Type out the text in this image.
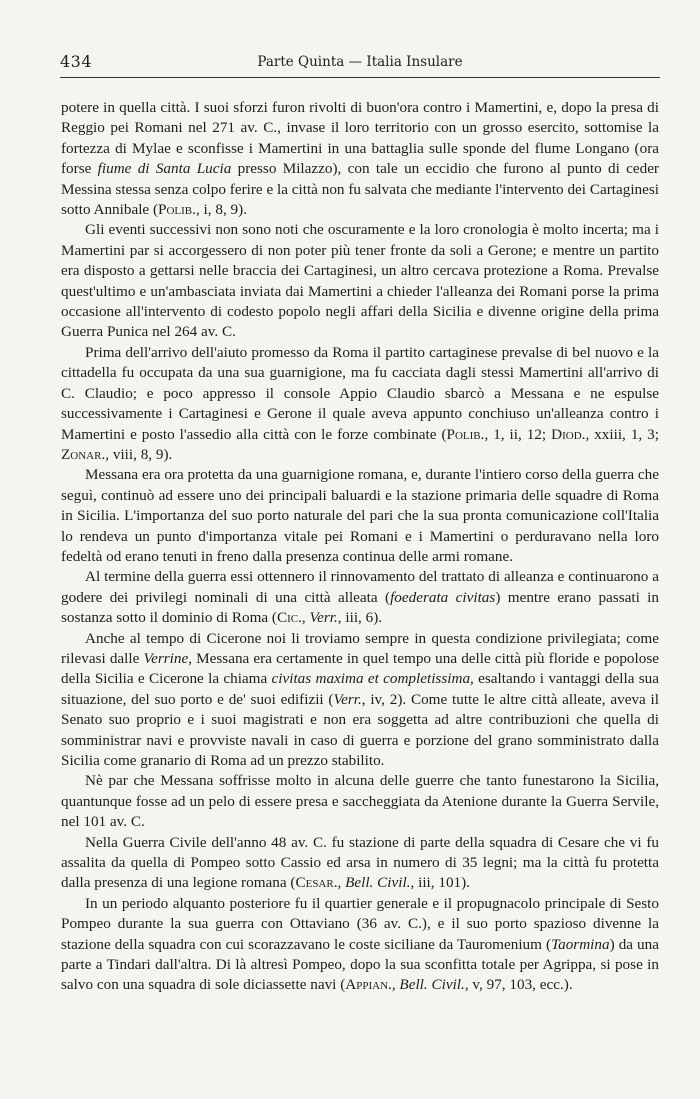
434	Parte Quinta — Italia Insulare

potere in quella città. I suoi sforzi furon rivolti di buon'ora contro i Mamertini, e, dopo la presa di Reggio pei Romani nel 271 av. C., invase il loro territorio con un grosso esercito, sottomise la fortezza di Mylae e sconfisse i Mamertini in una battaglia sulle sponde del flume Longano (ora forse fiume di Santa Lucia presso Milazzo), con tale un eccidio che furono al punto di ceder Messina stessa senza colpo ferire e la città non fu salvata che mediante l'intervento dei Cartaginesi sotto Annibale (Polib., i, 8, 9).

Gli eventi successivi non sono noti che oscuramente e la loro cronologia è molto incerta; ma i Mamertini par si accorgessero di non poter più tener fronte da soli a Gerone; e mentre un partito era disposto a gettarsi nelle braccia dei Cartaginesi, un altro cercava protezione a Roma. Prevalse quest'ultimo e un'ambasciata inviata dai Mamertini a chieder l'alleanza dei Romani porse la prima occasione all'intervento di codesto popolo negli affari della Sicilia e divenne origine della prima Guerra Punica nel 264 av. C.

Prima dell'arrivo dell'aiuto promesso da Roma il partito cartaginese prevalse di bel nuovo e la cittadella fu occupata da una sua guarnigione, ma fu cacciata dagli stessi Mamertini all'arrivo di C. Claudio; e poco appresso il console Appio Claudio sbarcò a Messana e ne espulse successivamente i Cartaginesi e Gerone il quale aveva appunto conchiuso un'alleanza contro i Mamertini e posto l'assedio alla città con le forze combinate (Polib., 1, ii, 12; Diod., xxiii, 1, 3; Zonar., viii, 8, 9).

Messana era ora protetta da una guarnigione romana, e, durante l'intiero corso della guerra che seguì, continuò ad essere uno dei principali baluardi e la stazione primaria delle squadre di Roma in Sicilia. L'importanza del suo porto naturale del pari che la sua pronta comunicazione coll'Italia lo rendeva un punto d'importanza vitale pei Romani e i Mamertini o perduravano nella loro fedeltà od erano tenuti in freno dalla presenza continua delle armi romane.

Al termine della guerra essi ottennero il rinnovamento del trattato di alleanza e continuarono a godere dei privilegi nominali di una città alleata (foederata civitas) mentre erano passati in sostanza sotto il dominio di Roma (Cic., Verr., iii, 6).

Anche al tempo di Cicerone noi li troviamo sempre in questa condizione privilegiata; come rilevasi dalle Verrine, Messana era certamente in quel tempo una delle città più floride e popolose della Sicilia e Cicerone la chiama civitas maxima et completissima, esaltando i vantaggi della sua situazione, del suo porto e de' suoi edifizii (Verr., iv, 2). Come tutte le altre città alleate, aveva il Senato suo proprio e i suoi magistrati e non era soggetta ad altre contribuzioni che quella di somministrar navi e provviste navali in caso di guerra e porzione del grano somministrato dalla Sicilia come granario di Roma ad un prezzo stabilito.

Nè par che Messana soffrisse molto in alcuna delle guerre che tanto funestarono la Sicilia, quantunque fosse ad un pelo di essere presa e saccheggiata da Atenione durante la Guerra Servile, nel 101 av. C.

Nella Guerra Civile dell'anno 48 av. C. fu stazione di parte della squadra di Cesare che vi fu assalita da quella di Pompeo sotto Cassio ed arsa in numero di 35 legni; ma la città fu protetta dalla presenza di una legione romana (Cesar., Bell. Civil., iii, 101).

In un periodo alquanto posteriore fu il quartier generale e il propugnacolo principale di Sesto Pompeo durante la sua guerra con Ottaviano (36 av. C.), e il suo porto spazioso divenne la stazione della squadra con cui scorazzavano le coste siciliane da Tauromenium (Taormina) da una parte a Tindari dall'altra. Di là altresì Pompeo, dopo la sua sconfitta totale per Agrippa, si pose in salvo con una squadra di sole diciassette navi (Appian., Bell. Civil., v, 97, 103, ecc.).
